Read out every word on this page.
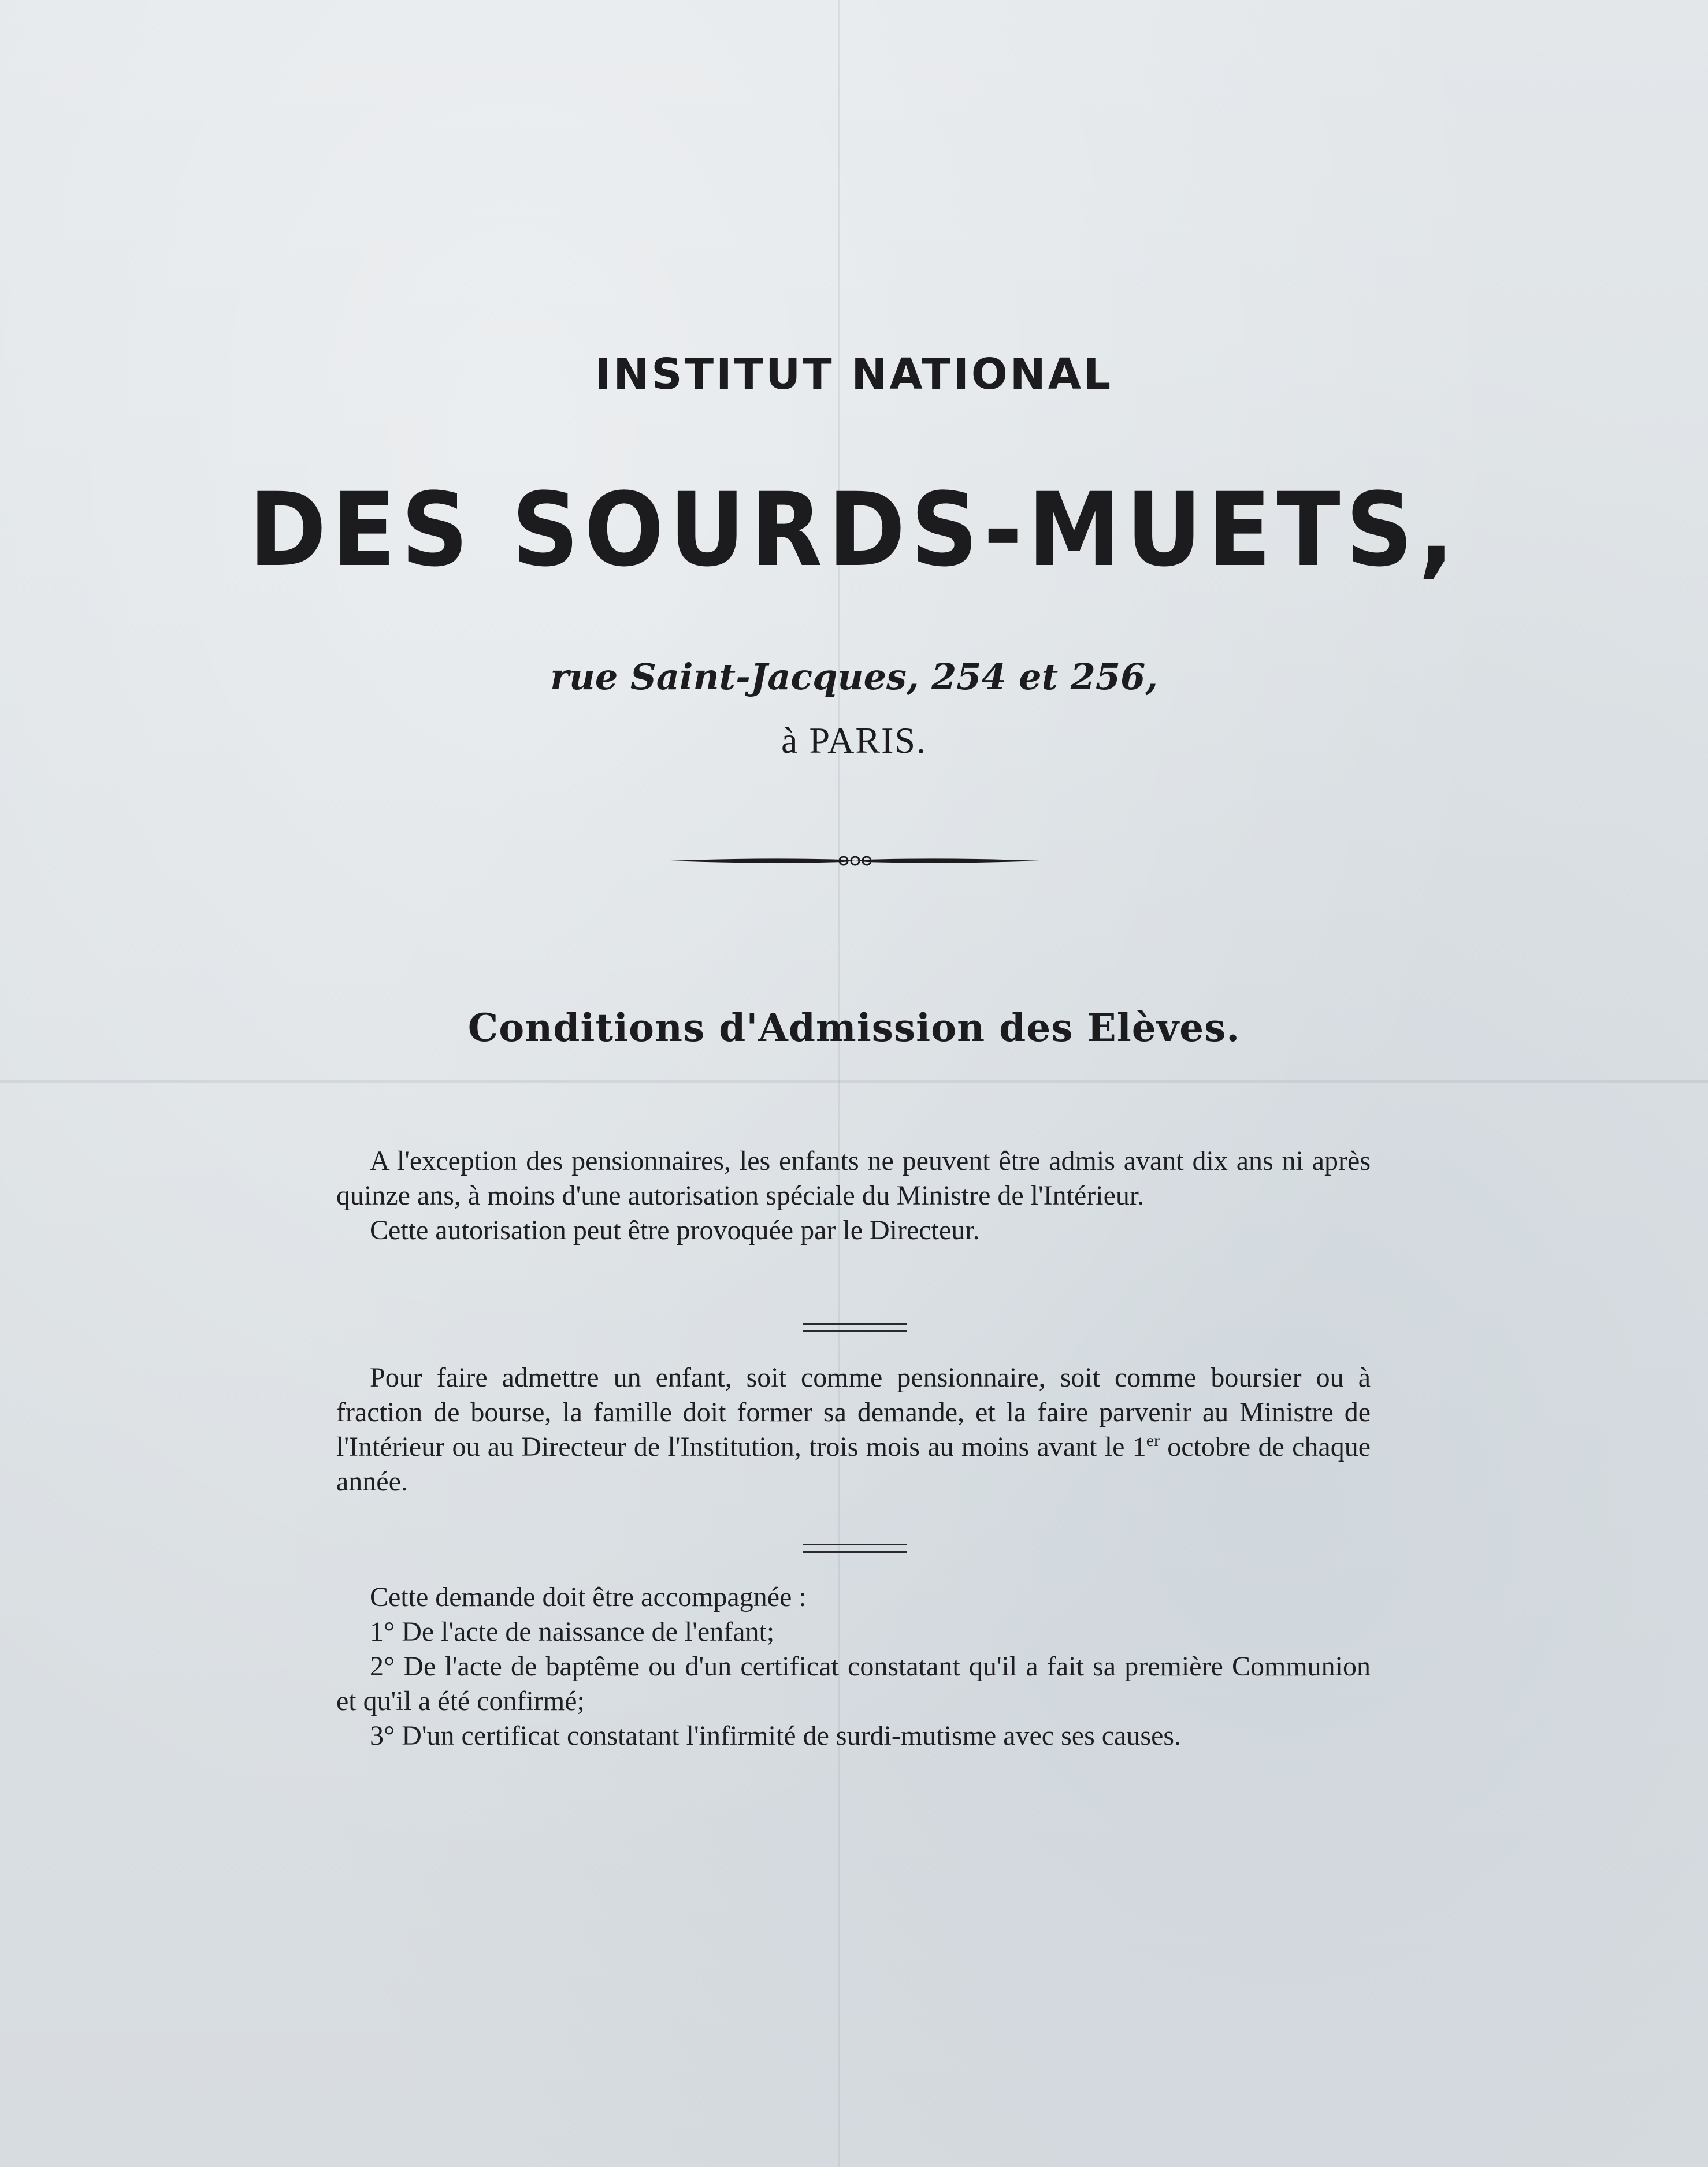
INSTITUT NATIONAL
DES SOURDS-MUETS,
rue Saint-Jacques, 254 et 256,
à PARIS.
Conditions d'Admission des Elèves.

A l'exception des pensionnaires, les enfants ne peuvent être admis avant dix ans ni après quinze ans, à moins d'une autorisation spéciale du Ministre de l'Intérieur.

Cette autorisation peut être provoquée par le Directeur.

Pour faire admettre un enfant, soit comme pensionnaire, soit comme boursier ou à fraction de bourse, la famille doit former sa demande, et la faire parvenir au Ministre de l'Intérieur ou au Directeur de l'Institution, trois mois au moins avant le 1er octobre de chaque année.

Cette demande doit être accompagnée :

1° De l'acte de naissance de l'enfant;

2° De l'acte de baptême ou d'un certificat constatant qu'il a fait sa première Communion et qu'il a été confirmé;

3° D'un certificat constatant l'infirmité de surdi-mutisme avec ses causes.
